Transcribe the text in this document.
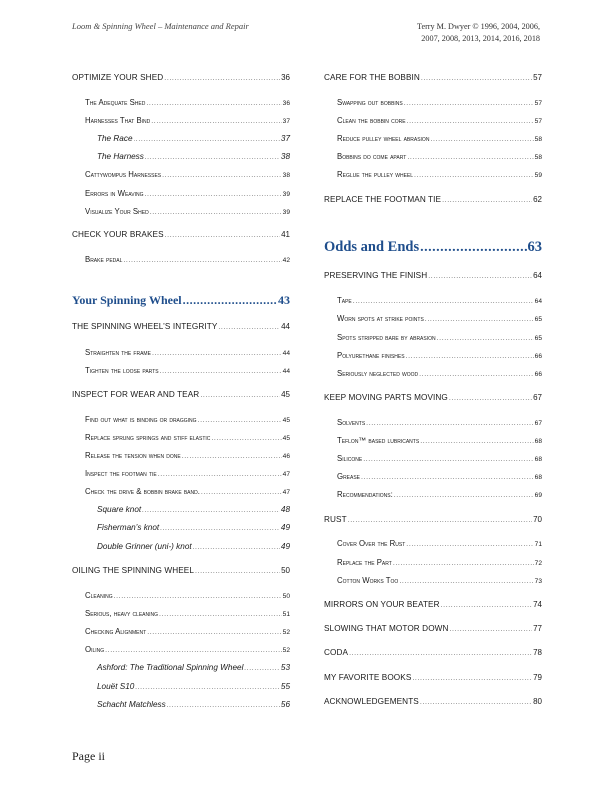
Loom & Spinning Wheel – Maintenance and Repair	Terry M. Dwyer © 1996, 2004, 2006,
2007, 2008, 2013, 2014, 2016, 2018
OPTIMIZE YOUR SHED .....	36
The Adequate Shed .....	36
Harnesses That Bind .....	37
The Race .....	37
The Harness .....	38
Cattywompus Harnesses .....	38
Errors in Weaving .....	39
Visualize Your Shed .....	39
CHECK YOUR BRAKES .....	41
Brake pedal .....	42
Your Spinning Wheel .....	43
THE SPINNING WHEEL’S INTEGRITY .....	44
Straighten the frame .....	44
Tighten the loose parts .....	44
INSPECT FOR WEAR AND TEAR .....	45
Find out what is binding or dragging .....	45
Replace sprung springs and stiff elastic .....	45
Release the tension when done .....	46
Inspect the footman tie .....	47
Check the drive & bobbin brake band. .....	47
Square knot .....	48
Fisherman’s knot .....	49
Double Grinner (uni-) knot .....	49
OILING THE SPINNING WHEEL .....	50
Cleaning .....	50
Serious, heavy cleaning .....	51
Checking Alignment .....	52
Oiling .....	52
Ashford: The Traditional Spinning Wheel .....	53
Louët S10 .....	55
Schacht Matchless .....	56
CARE FOR THE BOBBIN .....	57
Swapping out bobbins .....	57
Clean the bobbin core .....	57
Reduce pulley wheel abrasion .....	58
Bobbins do come apart .....	58
Reglue the pulley wheel .....	59
REPLACE THE FOOTMAN TIE .....	62
Odds and Ends .....	63
PRESERVING THE FINISH .....	64
Tape .....	64
Worn spots at strike points .....	65
Spots stripped bare by abrasion .....	65
Polyurethane finishes .....	66
Seriously neglected wood .....	66
KEEP MOVING PARTS MOVING .....	67
Solvents .....	67
Teflon™ based lubricants .....	68
Silicone .....	68
Grease .....	68
Recommendations: .....	69
RUST .....	70
Cover Over the Rust .....	71
Replace the Part .....	72
Cotton Works Too .....	73
MIRRORS ON YOUR BEATER .....	74
SLOWING THAT MOTOR DOWN .....	77
CODA .....	78
MY FAVORITE BOOKS .....	79
ACKNOWLEDGEMENTS .....	80
Page ii
